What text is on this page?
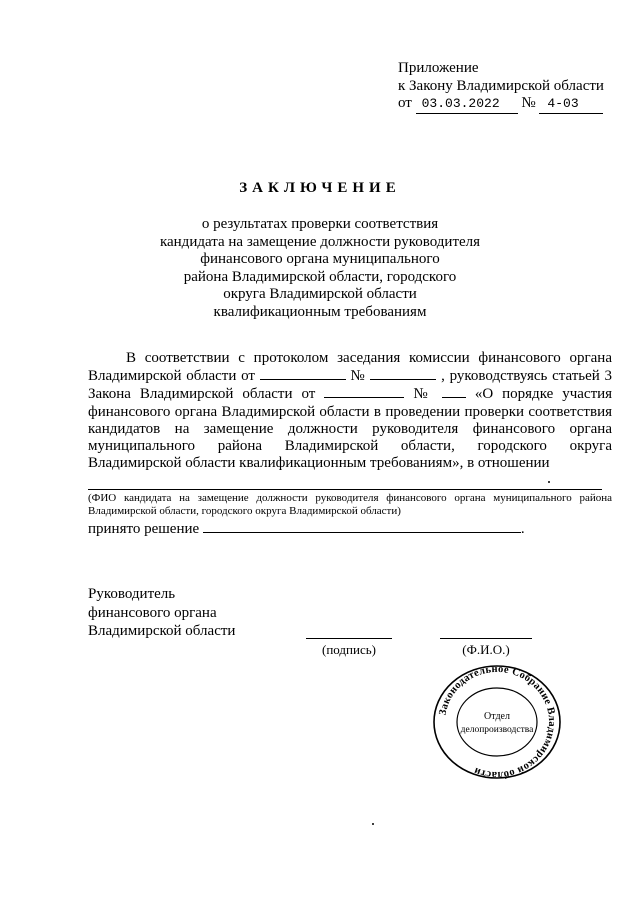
Приложение
к Закону Владимирской области
от 03.03.2022 № 4-03
ЗАКЛЮЧЕНИЕ
о результатах проверки соответствия
кандидата на замещение должности руководителя
финансового органа муниципального
района Владимирской области, городского
округа Владимирской области
квалификационным требованиям
В соответствии с протоколом заседания комиссии финансового органа Владимирской области от	№	, руководствуясь статьей 3 Закона Владимирской области от	№	«О порядке участия финансового органа Владимирской области в проведении проверки соответствия кандидатов на замещение должности руководителя финансового органа муниципального района Владимирской области, городского округа Владимирской области квалификационным требованиям», в отношении
(ФИО кандидата на замещение должности руководителя финансового органа муниципального района Владимирской области, городского округа Владимирской области)
принято решение	.
Руководитель
финансового органа
Владимирской области
(подпись)	(Ф.И.О.)
Законодательное Собрание Владимирской области
Отдел
делопроизводства
